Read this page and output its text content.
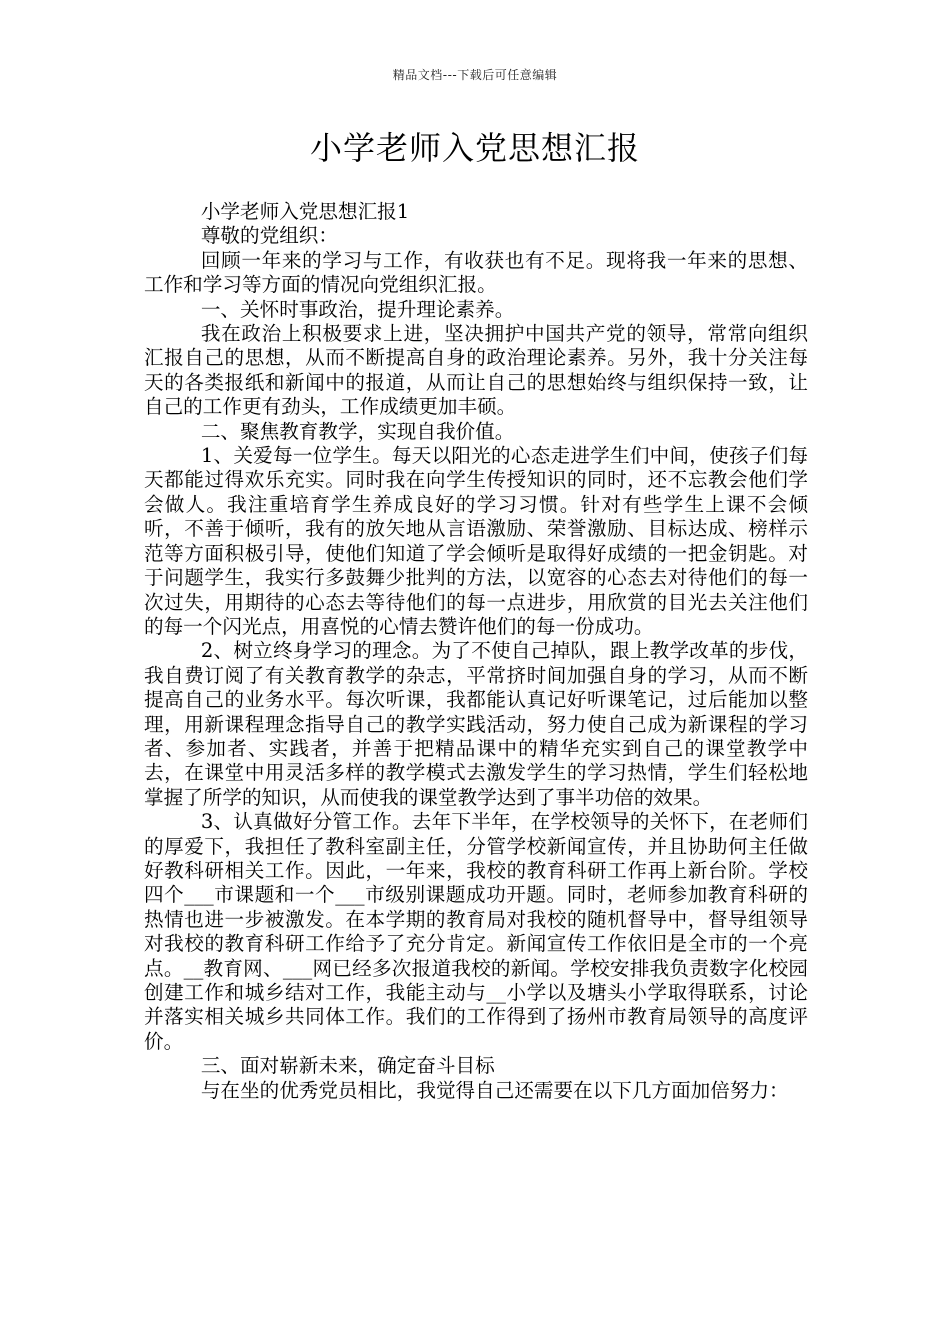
精品文档---下载后可任意编辑
小学老师入党思想汇报

小学老师入党思想汇报1

尊敬的党组织：

回顾一年来的学习与工作，有收获也有不足。现将我一年来的思想、工作和学习等方面的情况向党组织汇报。

一、关怀时事政治，提升理论素养。

我在政治上积极要求上进，坚决拥护中国共产党的领导，常常向组织汇报自己的思想，从而不断提高自身的政治理论素养。另外，我十分关注每天的各类报纸和新闻中的报道，从而让自己的思想始终与组织保持一致，让自己的工作更有劲头，工作成绩更加丰硕。

二、聚焦教育教学，实现自我价值。

1、关爱每一位学生。每天以阳光的心态走进学生们中间，使孩子们每天都能过得欢乐充实。同时我在向学生传授知识的同时，还不忘教会他们学会做人。我注重培育学生养成良好的学习习惯。针对有些学生上课不会倾听，不善于倾听，我有的放矢地从言语激励、荣誉激励、目标达成、榜样示范等方面积极引导，使他们知道了学会倾听是取得好成绩的一把金钥匙。对于问题学生，我实行多鼓舞少批判的方法，以宽容的心态去对待他们的每一次过失，用期待的心态去等待他们的每一点进步，用欣赏的目光去关注他们的每一个闪光点，用喜悦的心情去赞许他们的每一份成功。

2、树立终身学习的理念。为了不使自己掉队，跟上教学改革的步伐，我自费订阅了有关教育教学的杂志，平常挤时间加强自身的学习，从而不断提高自己的业务水平。每次听课，我都能认真记好听课笔记，过后能加以整理，用新课程理念指导自己的教学实践活动，努力使自己成为新课程的学习者、参加者、实践者，并善于把精品课中的精华充实到自己的课堂教学中去，在课堂中用灵活多样的教学模式去激发学生的学习热情，学生们轻松地掌握了所学的知识，从而使我的课堂教学达到了事半功倍的效果。

3、认真做好分管工作。去年下半年，在学校领导的关怀下，在老师们的厚爱下，我担任了教科室副主任，分管学校新闻宣传，并且协助何主任做好教科研相关工作。因此，一年来，我校的教育科研工作再上新台阶。学校四个___市课题和一个___市级别课题成功开题。同时，老师参加教育科研的热情也进一步被激发。在本学期的教育局对我校的随机督导中，督导组领导对我校的教育科研工作给予了充分肯定。新闻宣传工作依旧是全市的一个亮点。__教育网、___网已经多次报道我校的新闻。学校安排我负责数字化校园创建工作和城乡结对工作，我能主动与__小学以及塘头小学取得联系，讨论并落实相关城乡共同体工作。我们的工作得到了扬州市教育局领导的高度评价。

三、面对崭新未来，确定奋斗目标

与在坐的优秀党员相比，我觉得自己还需要在以下几方面加倍努力：
